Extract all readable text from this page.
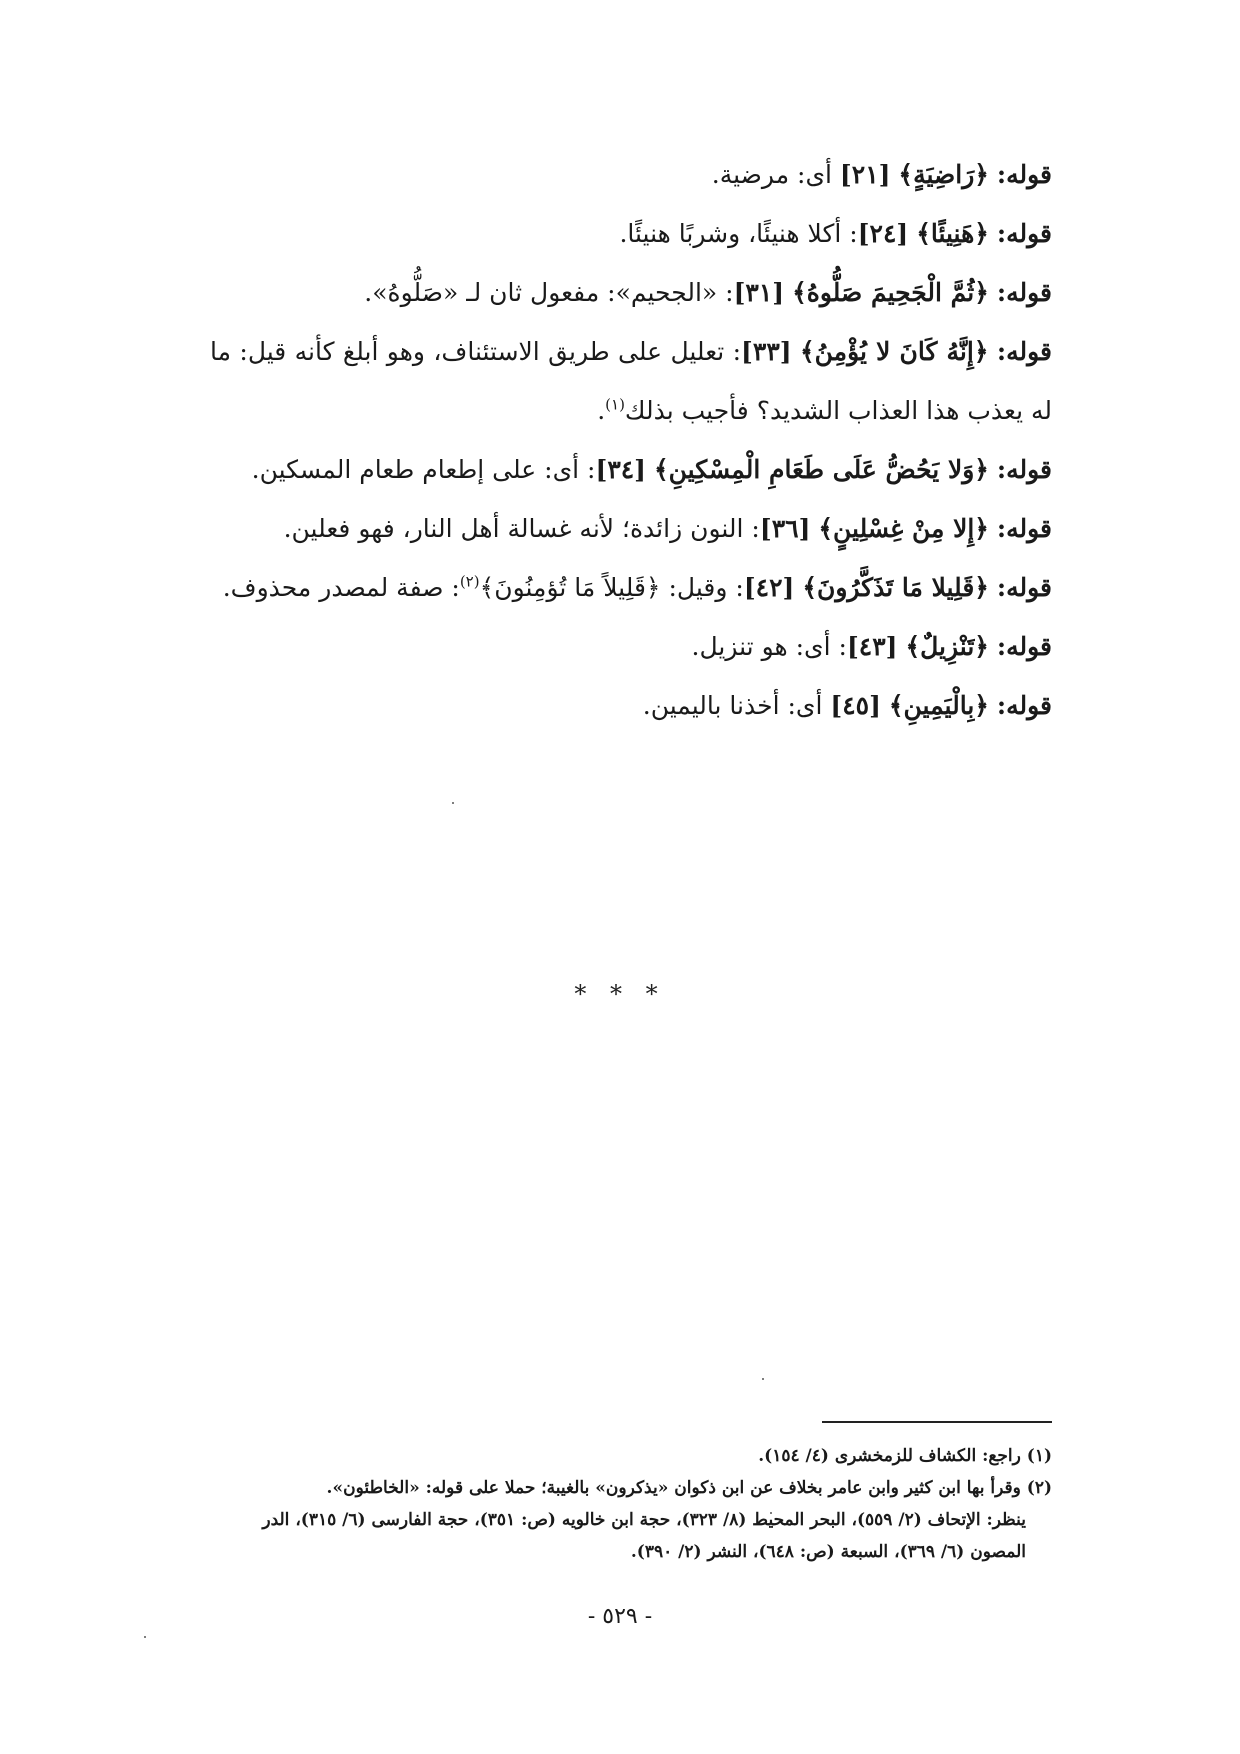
قوله: ﴿رَاضِيَةٍ﴾ [٢١] أى: مرضية.

قوله: ﴿هَنِيئًا﴾ [٢٤]: أكلا هنيئًا، وشربًا هنيئًا.

قوله: ﴿ثُمَّ الْجَحِيمَ صَلُّوهُ﴾ [٣١]: «الجحيم»: مفعول ثان لـ «صَلُّوهُ».

قوله: ﴿إِنَّهُ كَانَ لا يُؤْمِنُ﴾ [٣٣]: تعليل على طريق الاستئناف، وهو أبلغ كأنه قيل: ما له يعذب هذا العذاب الشديد؟ فأجيب بذلك$^{(١)}$.

قوله: ﴿وَلا يَحُضُّ عَلَى طَعَامِ الْمِسْكِينِ﴾ [٣٤]: أى: على إطعام طعام المسكين.

قوله: ﴿إِلا مِنْ غِسْلِينٍ﴾ [٣٦]: النون زائدة؛ لأنه غسالة أهل النار، فهو فعلين.

قوله: ﴿قَلِيلا مَا تَذَكَّرُونَ﴾ [٤٢]: وقيل: ﴿قَلِيلاً مَا تُؤمِنُونَ﴾$^{(٢)}$: صفة لمصدر محذوف.

قوله: ﴿تَنْزِيلٌ﴾ [٤٣]: أى: هو تنزيل.

قوله: ﴿بِالْيَمِينِ﴾ [٤٥] أى: أخذنا باليمين.

* * *

(١) راجع: الكشاف للزمخشرى (٤/ ١٥٤).

(٢) وقرأ بها ابن كثير وابن عامر بخلاف عن ابن ذكوان «يذكرون» بالغيبة؛ حملا على قوله: «الخاطئون».

ينظر: الإتحاف (٢/ ٥٥٩)، البحر المحيط (٨/ ٣٢٣)، حجة ابن خالويه (ص: ٣٥١)، حجة الفارسى (٦/ ٣١٥)، الدر المصون (٦/ ٣٦٩)، السبعة (ص: ٦٤٨)، النشر (٢/ ٣٩٠).

- ٥٢٩ -
